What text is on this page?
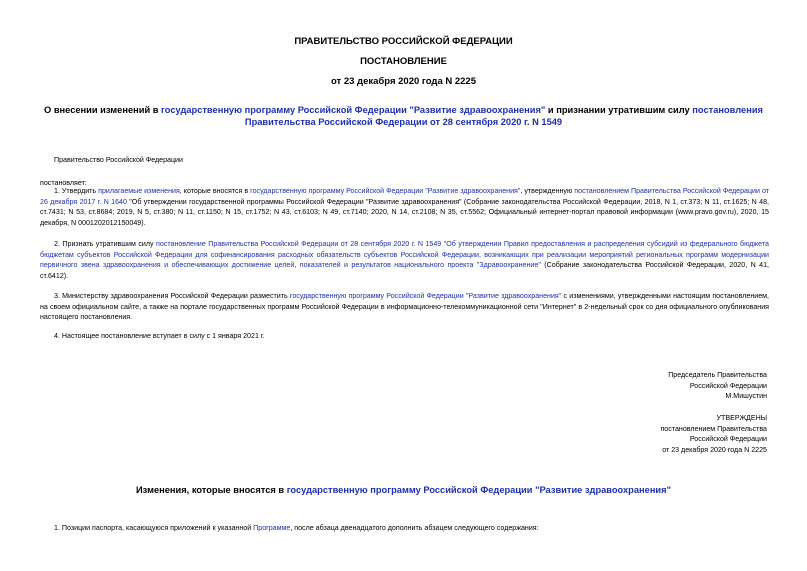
ПРАВИТЕЛЬСТВО РОССИЙСКОЙ ФЕДЕРАЦИИ
ПОСТАНОВЛЕНИЕ
от 23 декабря 2020 года N 2225
О внесении изменений в государственную программу Российской Федерации "Развитие здравоохранения" и признании утратившим силу постановления
Правительства Российской Федерации от 28 сентября 2020 г. N 1549
Правительство Российской Федерации
постановляет:
1. Утвердить прилагаемые изменения, которые вносятся в государственную программу Российской Федерации "Развитие здравоохранения", утвержденную постановлением Правительства Российской Федерации от 26 декабря 2017 г. N 1640 "Об утверждении государственной программы Российской Федерации "Развитие здравоохранения" (Собрание законодательства Российской Федерации, 2018, N 1, ст.373; N 11, ст.1625; N 48, ст.7431; N 53, ст.8684; 2019, N 5, ст.380; N 11, ст.1150; N 15, ст.1752; N 43, ст.6103; N 49, ст.7140; 2020, N 14, ст.2108; N 35, ст.5562; Официальный интернет-портал правовой информации (www.pravo.gov.ru), 2020, 15 декабря, N 0001202012150049).
2. Признать утратившим силу постановление Правительства Российской Федерации от 28 сентября 2020 г. N 1549 "Об утверждении Правил предоставления и распределения субсидий из федерального бюджета бюджетам субъектов Российской Федерации для софинансирования расходных обязательств субъектов Российской Федерации, возникающих при реализации мероприятий региональных программ модернизации первичного звена здравоохранения и обеспечивающих достижение целей, показателей и результатов национального проекта "Здравоохранение" (Собрание законодательства Российской Федерации, 2020, N 41, ст.6412).
3. Министерству здравоохранения Российской Федерации разместить государственную программу Российской Федерации "Развитие здравоохранения" с изменениями, утвержденными настоящим постановлением, на своем официальном сайте, а также на портале государственных программ Российской Федерации в информационно-телекоммуникационной сети "Интернет" в 2-недельный срок со дня официального опубликования настоящего постановления.
4. Настоящее постановление вступает в силу с 1 января 2021 г.
Председатель Правительства
Российской Федерации
М.Мишустин
УТВЕРЖДЕНЫ
постановлением Правительства
Российской Федерации
от 23 декабря 2020 года N 2225
Изменения, которые вносятся в государственную программу Российской Федерации "Развитие здравоохранения"
1. Позиции паспорта, касающуюся приложений к указанной Программе, после абзаца двенадцатого дополнить абзацем следующего содержания:
